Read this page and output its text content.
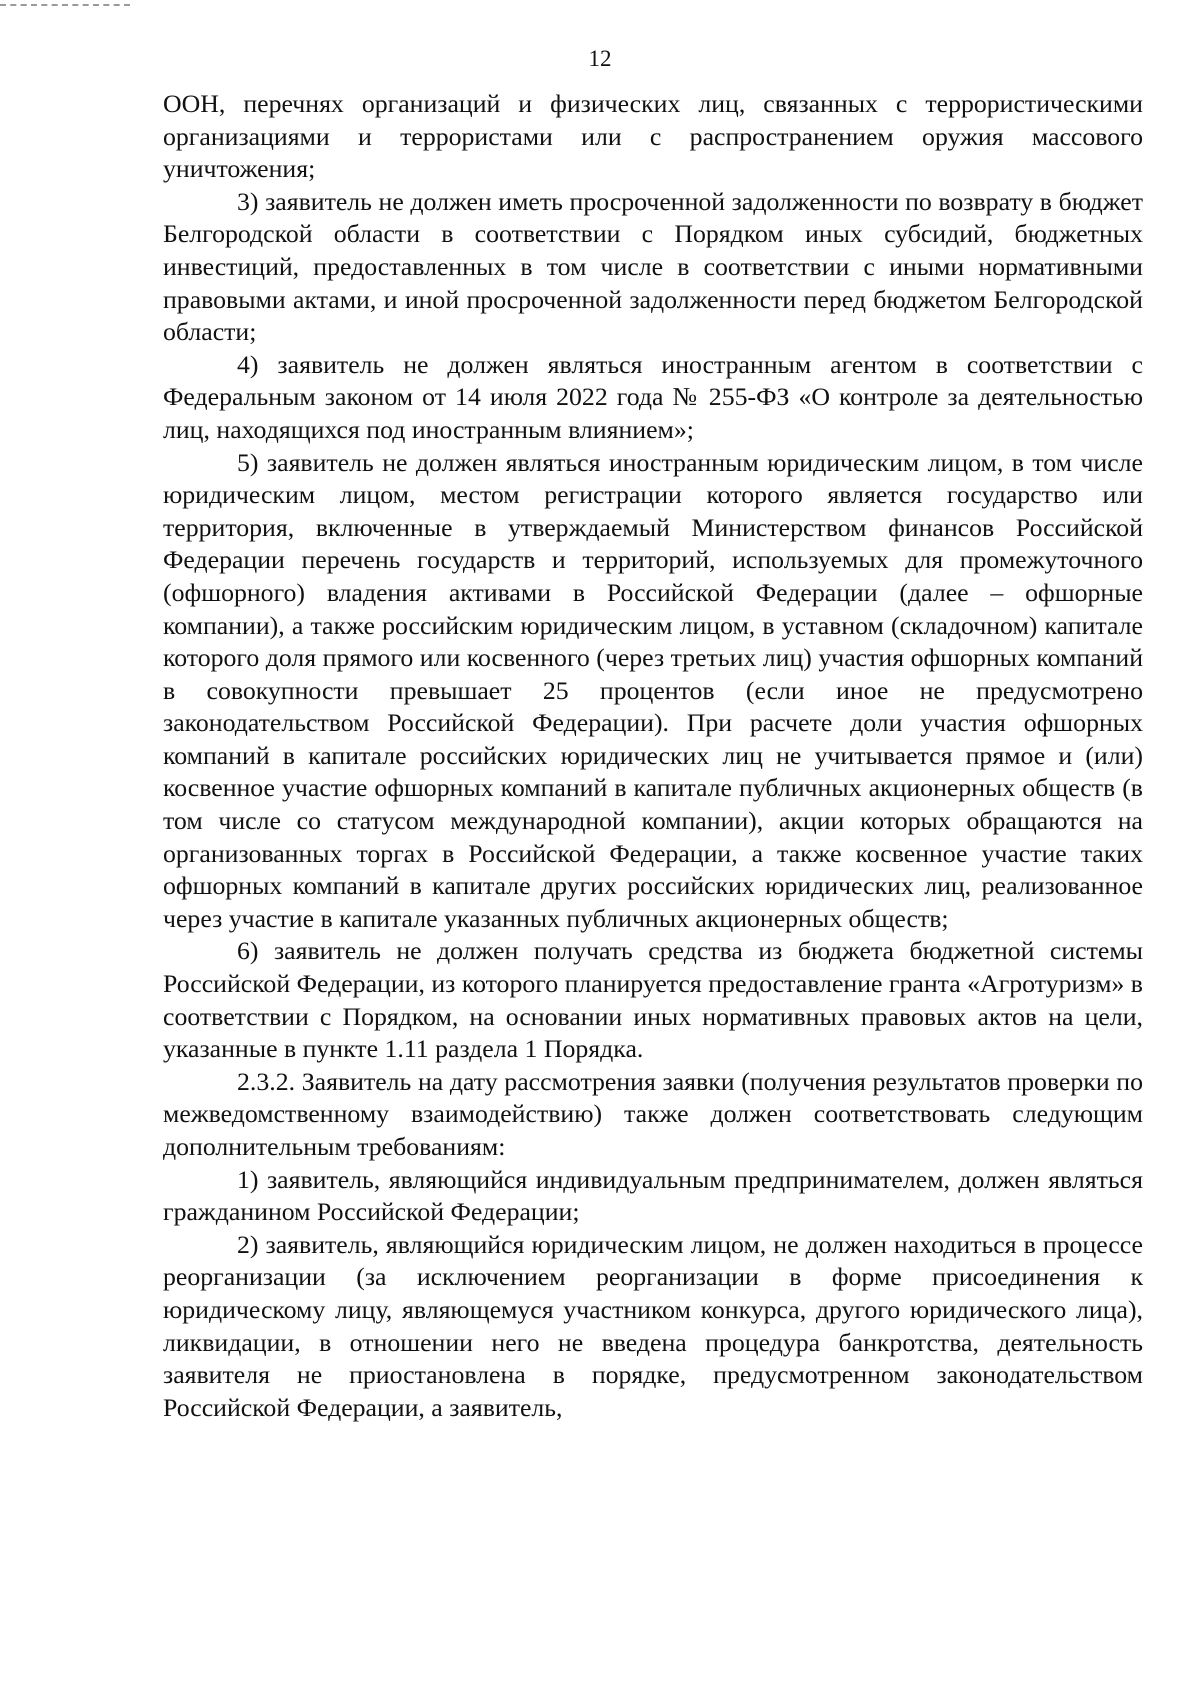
12

ООН, перечнях организаций и физических лиц, связанных с террористическими организациями и террористами или с распространением оружия массового уничтожения;

3) заявитель не должен иметь просроченной задолженности по возврату в бюджет Белгородской области в соответствии с Порядком иных субсидий, бюджетных инвестиций, предоставленных в том числе в соответствии с иными нормативными правовыми актами, и иной просроченной задолженности перед бюджетом Белгородской области;

4) заявитель не должен являться иностранным агентом в соответствии с Федеральным законом от 14 июля 2022 года № 255-ФЗ «О контроле за деятельностью лиц, находящихся под иностранным влиянием»;

5) заявитель не должен являться иностранным юридическим лицом, в том числе юридическим лицом, местом регистрации которого является государство или территория, включенные в утверждаемый Министерством финансов Российской Федерации перечень государств и территорий, используемых для промежуточного (офшорного) владения активами в Российской Федерации (далее – офшорные компании), а также российским юридическим лицом, в уставном (складочном) капитале которого доля прямого или косвенного (через третьих лиц) участия офшорных компаний в совокупности превышает 25 процентов (если иное не предусмотрено законодательством Российской Федерации). При расчете доли участия офшорных компаний в капитале российских юридических лиц не учитывается прямое и (или) косвенное участие офшорных компаний в капитале публичных акционерных обществ (в том числе со статусом международной компании), акции которых обращаются на организованных торгах в Российской Федерации, а также косвенное участие таких офшорных компаний в капитале других российских юридических лиц, реализованное через участие в капитале указанных публичных акционерных обществ;

6) заявитель не должен получать средства из бюджета бюджетной системы Российской Федерации, из которого планируется предоставление гранта «Агротуризм» в соответствии с Порядком, на основании иных нормативных правовых актов на цели, указанные в пункте 1.11 раздела 1 Порядка.

2.3.2. Заявитель на дату рассмотрения заявки (получения результатов проверки по межведомственному взаимодействию) также должен соответствовать следующим дополнительным требованиям:

1) заявитель, являющийся индивидуальным предпринимателем, должен являться гражданином Российской Федерации;

2) заявитель, являющийся юридическим лицом, не должен находиться в процессе реорганизации (за исключением реорганизации в форме присоединения к юридическому лицу, являющемуся участником конкурса, другого юридического лица), ликвидации, в отношении него не введена процедура банкротства, деятельность заявителя не приостановлена в порядке, предусмотренном законодательством Российской Федерации, а заявитель,
